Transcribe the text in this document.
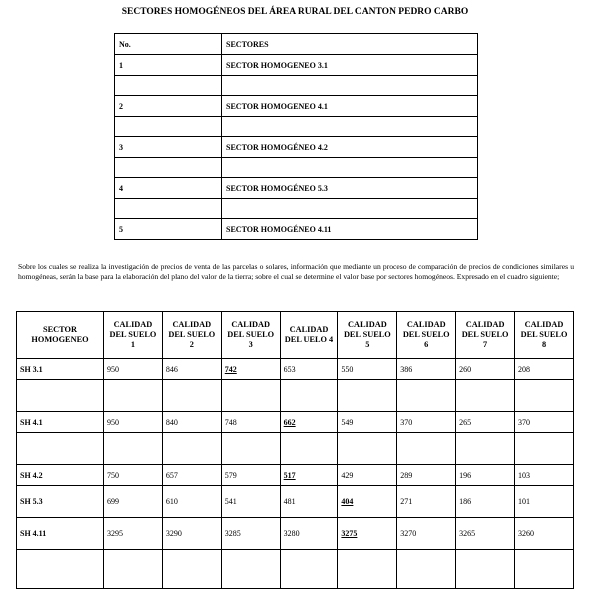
SECTORES HOMOGÉNEOS DEL ÁREA RURAL DEL CANTON PEDRO CARBO
No.	SECTORES
1	SECTOR HOMOGENEO 3.1

2	SECTOR HOMOGENEO 4.1

3	SECTOR HOMOGÉNEO 4.2

4	SECTOR HOMOGÉNEO 5.3

5	SECTOR HOMOGÉNEO 4.11
Sobre los cuales se realiza la investigación de precios de venta de las parcelas o solares, información que mediante un proceso de comparación de precios de condiciones similares u homogéneas, serán la base para la elaboración del plano del valor de la tierra; sobre el cual se determine el valor base por sectores homogéneos. Expresado en el cuadro siguiente;
SECTOR HOMOGENEO	CALIDAD DEL SUELO 1	CALIDAD DEL SUELO 2	CALIDAD DEL SUELO 3	CALIDAD DEL UELO 4	CALIDAD DEL SUELO 5	CALIDAD DEL SUELO 6	CALIDAD DEL SUELO 7	CALIDAD DEL SUELO 8
SH 3.1	950	846	742	653	550	386	260	208

SH 4.1	950	840	748	662	549	370	265	370

SH 4.2	750	657	579	517	429	289	196	103
SH 5.3	699	610	541	481	404	271	186	101
SH 4.11	3295	3290	3285	3280	3275	3270	3265	3260
